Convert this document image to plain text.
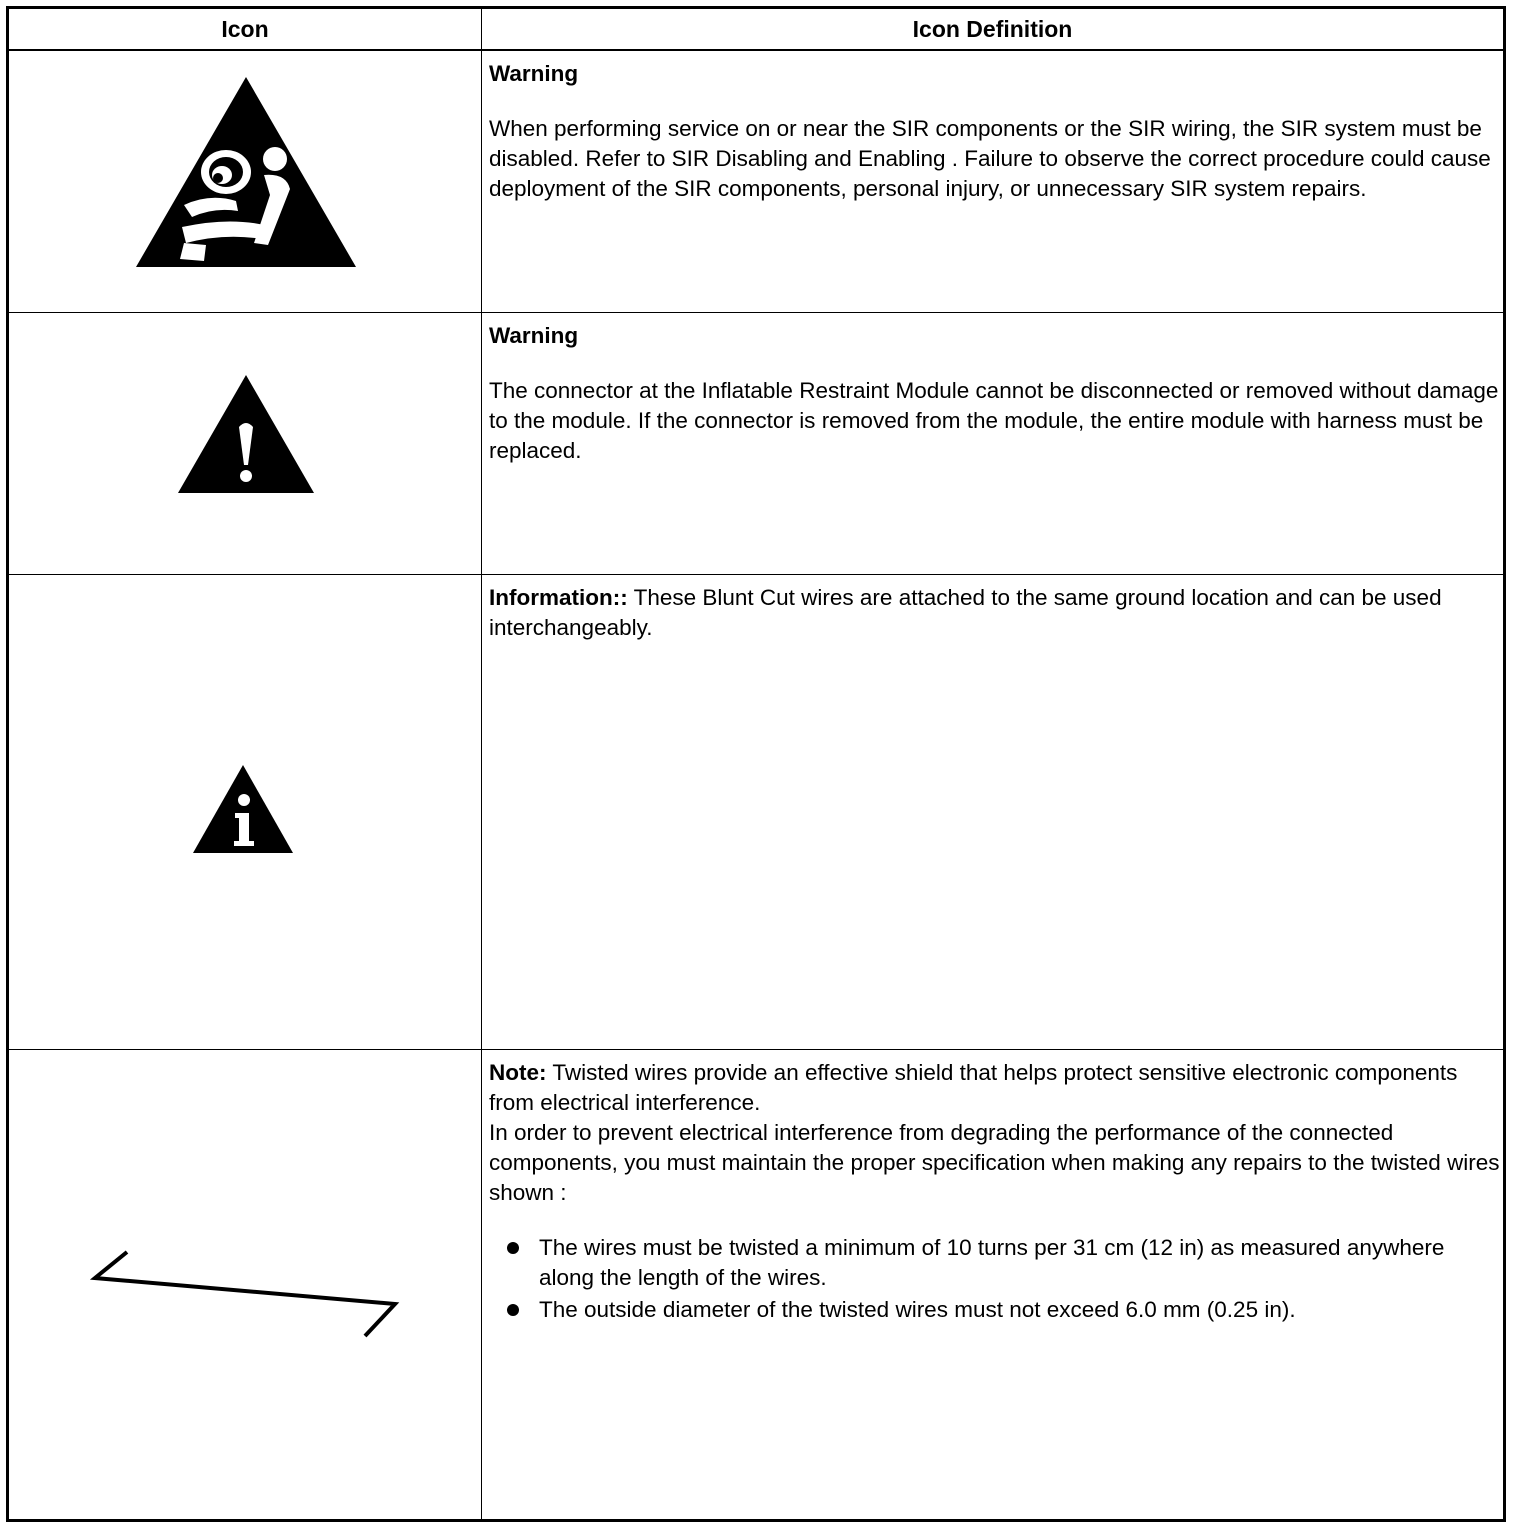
Icon	Icon Definition
Warning
When performing service on or near the SIR components or the SIR wiring, the SIR system must be disabled. Refer to SIR Disabling and Enabling . Failure to observe the correct procedure could cause deployment of the SIR components, personal injury, or unnecessary SIR system repairs.
Warning
The connector at the Inflatable Restraint Module cannot be disconnected or removed without damage to the module. If the connector is removed from the module, the entire module with harness must be replaced.
Information:: These Blunt Cut wires are attached to the same ground location and can be used interchangeably.
Note: Twisted wires provide an effective shield that helps protect sensitive electronic components from electrical interference.
In order to prevent electrical interference from degrading the performance of the connected components, you must maintain the proper specification when making any repairs to the twisted wires shown :
The wires must be twisted a minimum of 10 turns per 31 cm (12 in) as measured anywhere along the length of the wires.
The outside diameter of the twisted wires must not exceed 6.0 mm (0.25 in).
